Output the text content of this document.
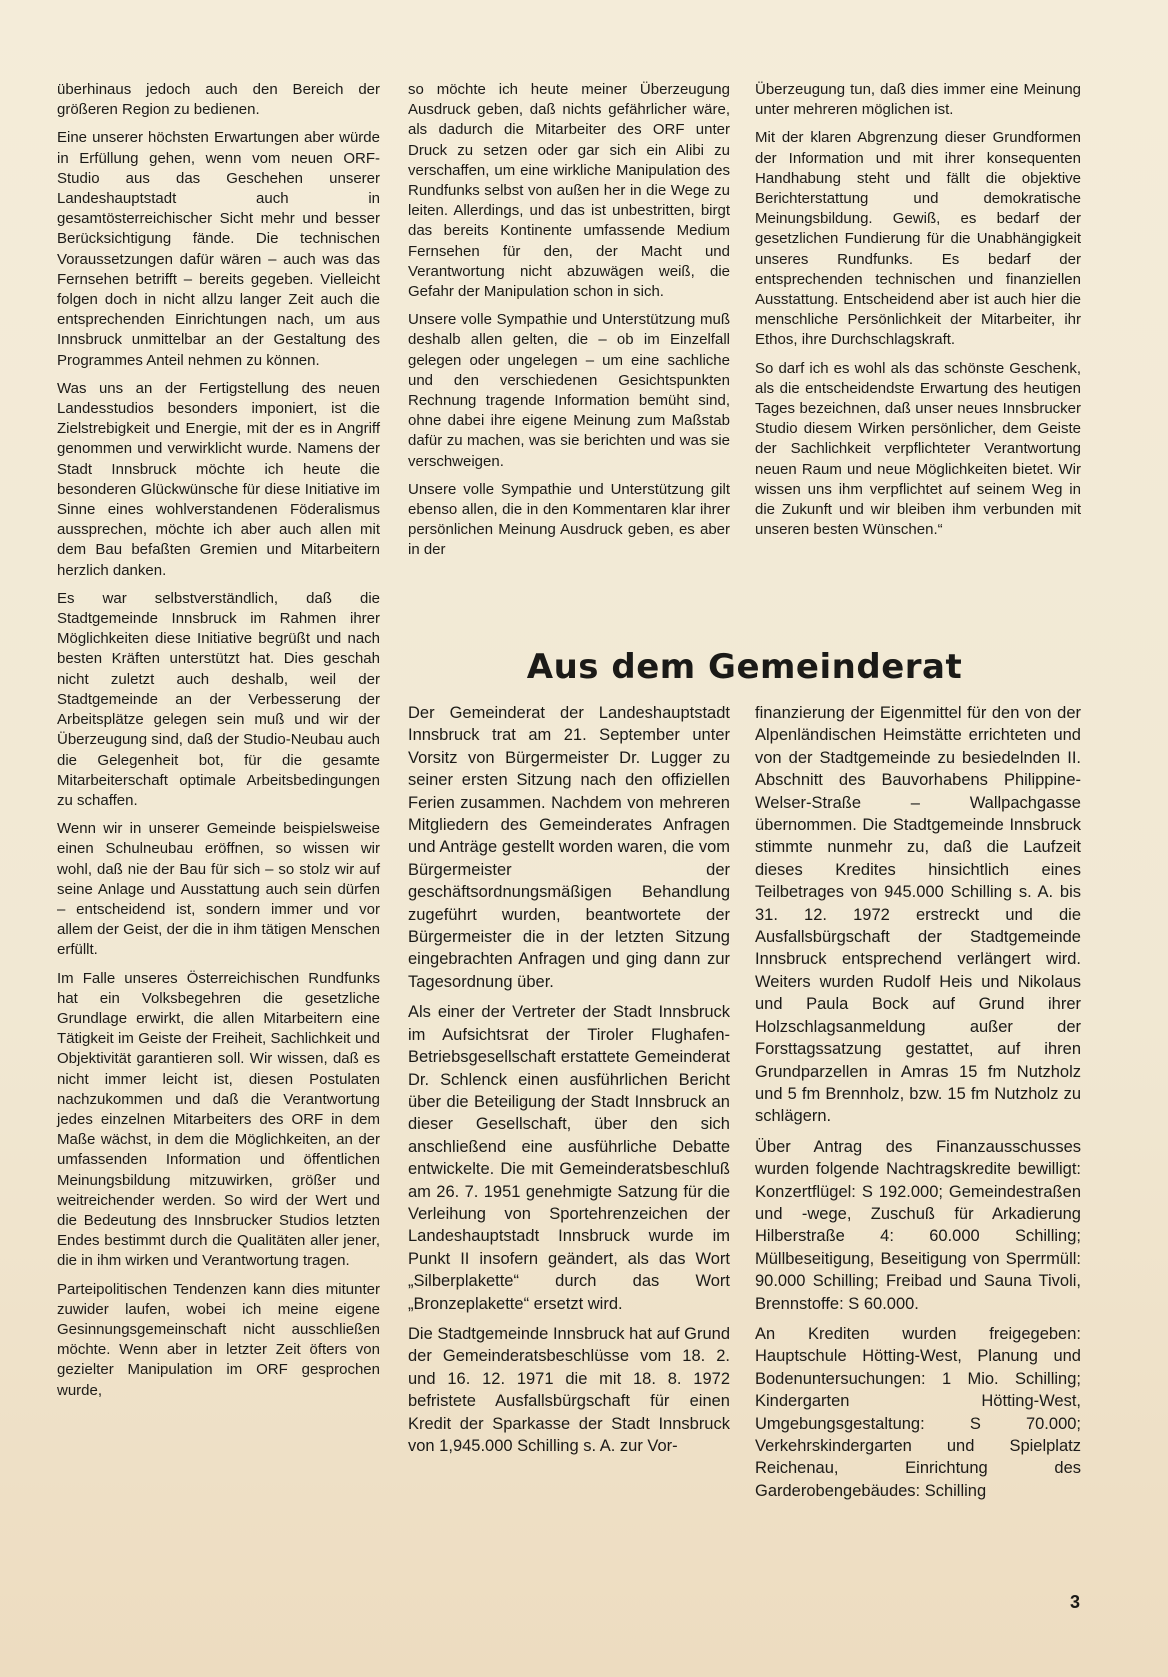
überhinaus jedoch auch den Bereich der größeren Region zu bedienen.

Eine unserer höchsten Erwartungen aber würde in Erfüllung gehen, wenn vom neuen ORF-Studio aus das Geschehen unserer Landeshauptstadt auch in gesamtösterreichischer Sicht mehr und besser Berücksichtigung fände. Die technischen Voraussetzungen dafür wären – auch was das Fernsehen betrifft – bereits gegeben. Vielleicht folgen doch in nicht allzu langer Zeit auch die entsprechenden Einrichtungen nach, um aus Innsbruck unmittelbar an der Gestaltung des Programmes Anteil nehmen zu können.

Was uns an der Fertigstellung des neuen Landesstudios besonders imponiert, ist die Zielstrebigkeit und Energie, mit der es in Angriff genommen und verwirklicht wurde. Namens der Stadt Innsbruck möchte ich heute die besonderen Glückwünsche für diese Initiative im Sinne eines wohlverstandenen Föderalismus aussprechen, möchte ich aber auch allen mit dem Bau befaßten Gremien und Mitarbeitern herzlich danken.

Es war selbstverständlich, daß die Stadtgemeinde Innsbruck im Rahmen ihrer Möglichkeiten diese Initiative begrüßt und nach besten Kräften unterstützt hat. Dies geschah nicht zuletzt auch deshalb, weil der Stadtgemeinde an der Verbesserung der Arbeitsplätze gelegen sein muß und wir der Überzeugung sind, daß der Studio-Neubau auch die Gelegenheit bot, für die gesamte Mitarbeiterschaft optimale Arbeitsbedingungen zu schaffen.

Wenn wir in unserer Gemeinde beispielsweise einen Schulneubau eröffnen, so wissen wir wohl, daß nie der Bau für sich – so stolz wir auf seine Anlage und Ausstattung auch sein dürfen – entscheidend ist, sondern immer und vor allem der Geist, der die in ihm tätigen Menschen erfüllt.

Im Falle unseres Österreichischen Rundfunks hat ein Volksbegehren die gesetzliche Grundlage erwirkt, die allen Mitarbeitern eine Tätigkeit im Geiste der Freiheit, Sachlichkeit und Objektivität garantieren soll. Wir wissen, daß es nicht immer leicht ist, diesen Postulaten nachzukommen und daß die Verantwortung jedes einzelnen Mitarbeiters des ORF in dem Maße wächst, in dem die Möglichkeiten, an der umfassenden Information und öffentlichen Meinungsbildung mitzuwirken, größer und weitreichender werden. So wird der Wert und die Bedeutung des Innsbrucker Studios letzten Endes bestimmt durch die Qualitäten aller jener, die in ihm wirken und Verantwortung tragen.

Parteipolitischen Tendenzen kann dies mitunter zuwider laufen, wobei ich meine eigene Gesinnungsgemeinschaft nicht ausschließen möchte. Wenn aber in letzter Zeit öfters von gezielter Manipulation im ORF gesprochen wurde,

so möchte ich heute meiner Überzeugung Ausdruck geben, daß nichts gefährlicher wäre, als dadurch die Mitarbeiter des ORF unter Druck zu setzen oder gar sich ein Alibi zu verschaffen, um eine wirkliche Manipulation des Rundfunks selbst von außen her in die Wege zu leiten. Allerdings, und das ist unbestritten, birgt das bereits Kontinente umfassende Medium Fernsehen für den, der Macht und Verantwortung nicht abzuwägen weiß, die Gefahr der Manipulation schon in sich.

Unsere volle Sympathie und Unterstützung muß deshalb allen gelten, die – ob im Einzelfall gelegen oder ungelegen – um eine sachliche und den verschiedenen Gesichtspunkten Rechnung tragende Information bemüht sind, ohne dabei ihre eigene Meinung zum Maßstab dafür zu machen, was sie berichten und was sie verschweigen.

Unsere volle Sympathie und Unterstützung gilt ebenso allen, die in den Kommentaren klar ihrer persönlichen Meinung Ausdruck geben, es aber in der

Überzeugung tun, daß dies immer eine Meinung unter mehreren möglichen ist.

Mit der klaren Abgrenzung dieser Grundformen der Information und mit ihrer konsequenten Handhabung steht und fällt die objektive Berichterstattung und demokratische Meinungsbildung. Gewiß, es bedarf der gesetzlichen Fundierung für die Unabhängigkeit unseres Rundfunks. Es bedarf der entsprechenden technischen und finanziellen Ausstattung. Entscheidend aber ist auch hier die menschliche Persönlichkeit der Mitarbeiter, ihr Ethos, ihre Durchschlagskraft.

So darf ich es wohl als das schönste Geschenk, als die entscheidendste Erwartung des heutigen Tages bezeichnen, daß unser neues Innsbrucker Studio diesem Wirken persönlicher, dem Geiste der Sachlichkeit verpflichteter Verantwortung neuen Raum und neue Möglichkeiten bietet. Wir wissen uns ihm verpflichtet auf seinem Weg in die Zukunft und wir bleiben ihm verbunden mit unseren besten Wünschen.“

Aus dem Gemeinderat

Der Gemeinderat der Landeshauptstadt Innsbruck trat am 21. September unter Vorsitz von Bürgermeister Dr. Lugger zu seiner ersten Sitzung nach den offiziellen Ferien zusammen. Nachdem von mehreren Mitgliedern des Gemeinderates Anfragen und Anträge gestellt worden waren, die vom Bürgermeister der geschäftsordnungsmäßigen Behandlung zugeführt wurden, beantwortete der Bürgermeister die in der letzten Sitzung eingebrachten Anfragen und ging dann zur Tagesordnung über.

Als einer der Vertreter der Stadt Innsbruck im Aufsichtsrat der Tiroler Flughafen-Betriebsgesellschaft erstattete Gemeinderat Dr. Schlenck einen ausführlichen Bericht über die Beteiligung der Stadt Innsbruck an dieser Gesellschaft, über den sich anschließend eine ausführliche Debatte entwickelte. Die mit Gemeinderatsbeschluß am 26. 7. 1951 genehmigte Satzung für die Verleihung von Sportehrenzeichen der Landeshauptstadt Innsbruck wurde im Punkt II insofern geändert, als das Wort „Silberplakette“ durch das Wort „Bronzeplakette“ ersetzt wird.

Die Stadtgemeinde Innsbruck hat auf Grund der Gemeinderatsbeschlüsse vom 18. 2. und 16. 12. 1971 die mit 18. 8. 1972 befristete Ausfallsbürgschaft für einen Kredit der Sparkasse der Stadt Innsbruck von 1,945.000 Schilling s. A. zur Vor-

finanzierung der Eigenmittel für den von der Alpenländischen Heimstätte errichteten und von der Stadtgemeinde zu besiedelnden II. Abschnitt des Bauvorhabens Philippine-Welser-Straße – Wallpachgasse übernommen. Die Stadtgemeinde Innsbruck stimmte nunmehr zu, daß die Laufzeit dieses Kredites hinsichtlich eines Teilbetrages von 945.000 Schilling s. A. bis 31. 12. 1972 erstreckt und die Ausfallsbürgschaft der Stadtgemeinde Innsbruck entsprechend verlängert wird. Weiters wurden Rudolf Heis und Nikolaus und Paula Bock auf Grund ihrer Holzschlagsanmeldung außer der Forsttagssatzung gestattet, auf ihren Grundparzellen in Amras 15 fm Nutzholz und 5 fm Brennholz, bzw. 15 fm Nutzholz zu schlägern.

Über Antrag des Finanzausschusses wurden folgende Nachtragskredite bewilligt: Konzertflügel: S 192.000; Gemeindestraßen und -wege, Zuschuß für Arkadierung Hilberstraße 4: 60.000 Schilling; Müllbeseitigung, Beseitigung von Sperrmüll: 90.000 Schilling; Freibad und Sauna Tivoli, Brennstoffe: S 60.000.

An Krediten wurden freigegeben: Hauptschule Hötting-West, Planung und Bodenuntersuchungen: 1 Mio. Schilling; Kindergarten Hötting-West, Umgebungsgestaltung: S 70.000; Verkehrskindergarten und Spielplatz Reichenau, Einrichtung des Garderobengebäudes: Schilling

3
